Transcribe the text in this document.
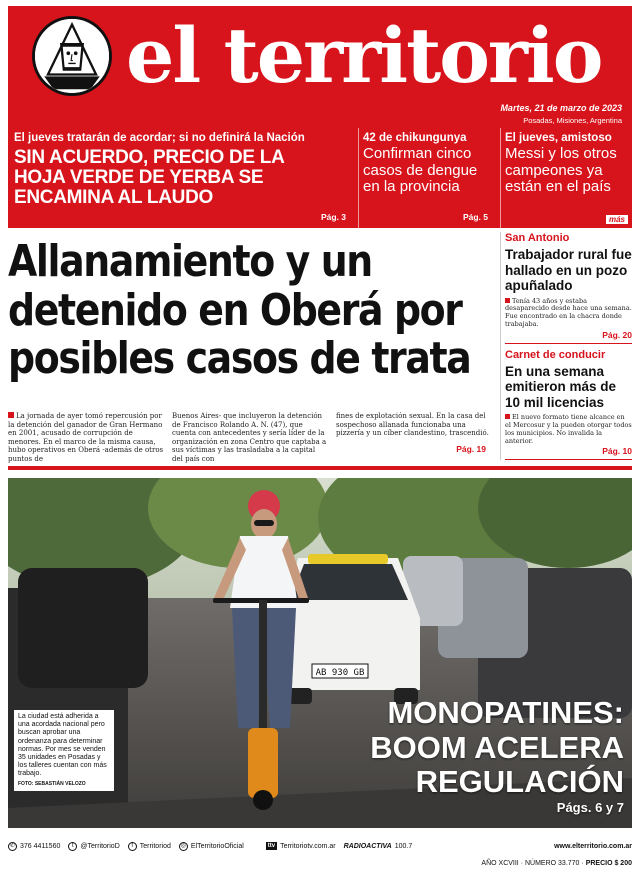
el territorio
Martes, 21 de marzo de 2023
Posadas, Misiones, Argentina
El jueves tratarán de acordar; si no definirá la Nación
SIN ACUERDO, PRECIO DE LA HOJA VERDE DE YERBA SE ENCAMINA AL LAUDO
Pág. 3
42 de chikungunya
Confirman cinco casos de dengue en la provincia
Pág. 5
El jueves, amistoso
Messi y los otros campeones ya están en el país
más
Allanamiento y un detenido en Oberá por posibles casos de trata
La jornada de ayer tomó repercusión por la detención del ganador de Gran Hermano en 2001, acusado de corrupción de menores. En el marco de la misma causa, hubo operativos en Oberá -además de otros puntos de
Buenos Aires- que incluyeron la detención de Francisco Rolando A. N. (47), que cuenta con antecedentes y sería líder de la organización en zona Centro que captaba a sus víctimas y las trasladaba a la capital del país con
fines de explotación sexual. En la casa del sospechoso allanada funcionaba una pizzería y un cíber clandestino, trascendió.
Pág. 19
San Antonio
Trabajador rural fue hallado en un pozo apuñalado
Tenía 43 años y estaba desaparecido desde hace una semana. Fue encontrado en la chacra donde trabajaba.
Pág. 20
Carnet de conducir
En una semana emitieron más de 10 mil licencias
El nuevo formato tiene alcance en el Mercosur y la pueden otorgar todos los municipios. No invalida la anterior.
Pág. 10
AB 930 GB
La ciudad está adherida a una acordada nacional pero buscan aprobar una ordenanza para determinar normas. Por mes se venden 35 unidades en Posadas y los talleres cuentan con más trabajo.
FOTO: SEBASTIÁN VELOZO
MONOPATINES:
BOOM ACELERA
REGULACIÓN
Págs. 6 y 7
✆ 376 4411560	t @TerritorioD	f Territoriod	◎ ElTerritorioOficial	ttv Territoriotv.com.ar RADIOACTIVA 100.7	www.elterritorio.com.ar
AÑO XCVIII · NÚMERO 33.770 · PRECIO $ 200
